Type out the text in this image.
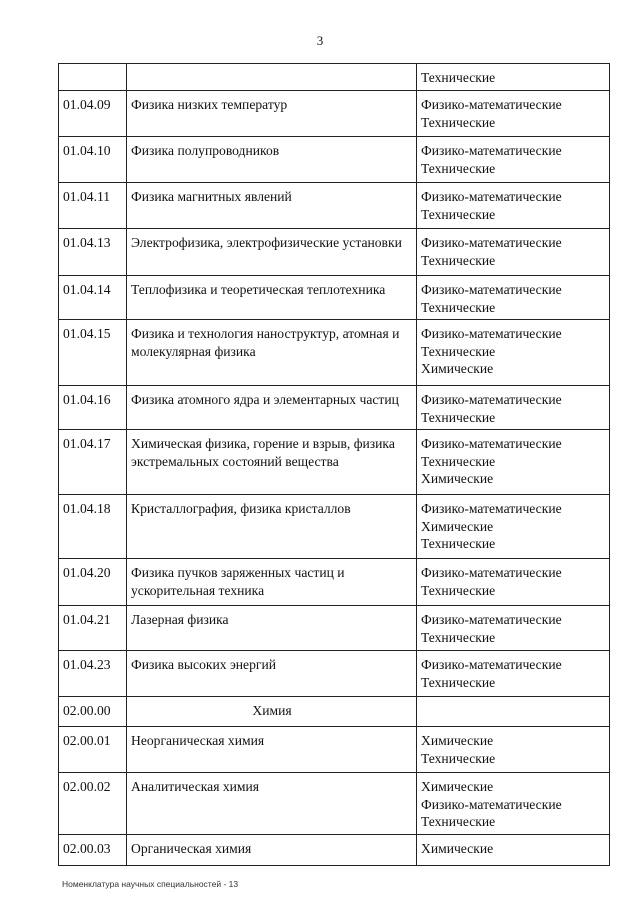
3

		Технические

01.04.09	Физика низких температур	Физико-математические
Технические

01.04.10	Физика полупроводников	Физико-математические
Технические

01.04.11	Физика магнитных явлений	Физико-математические
Технические

01.04.13	Электрофизика, электрофизические установки	Физико-математические
Технические

01.04.14	Теплофизика и теоретическая теплотехника	Физико-математические
Технические

01.04.15	Физика и технология наноструктур, атомная и молекулярная физика	Физико-математические
Технические
Химические

01.04.16	Физика атомного ядра и элементарных частиц	Физико-математические
Технические

01.04.17	Химическая физика, горение и взрыв, физика экстремальных состояний вещества	Физико-математические
Технические
Химические

01.04.18	Кристаллография, физика кристаллов	Физико-математические
Химические
Технические

01.04.20	Физика пучков заряженных частиц и ускорительная техника	Физико-математические
Технические

01.04.21	Лазерная физика	Физико-математические
Технические

01.04.23	Физика высоких энергий	Физико-математические
Технические

02.00.00	Химия	
02.00.01	Неорганическая химия	Химические
Технические

02.00.02	Аналитическая химия	Химические
Физико-математические
Технические

02.00.03	Органическая химия	Химические
Номенклатура научных специальностей - 13
